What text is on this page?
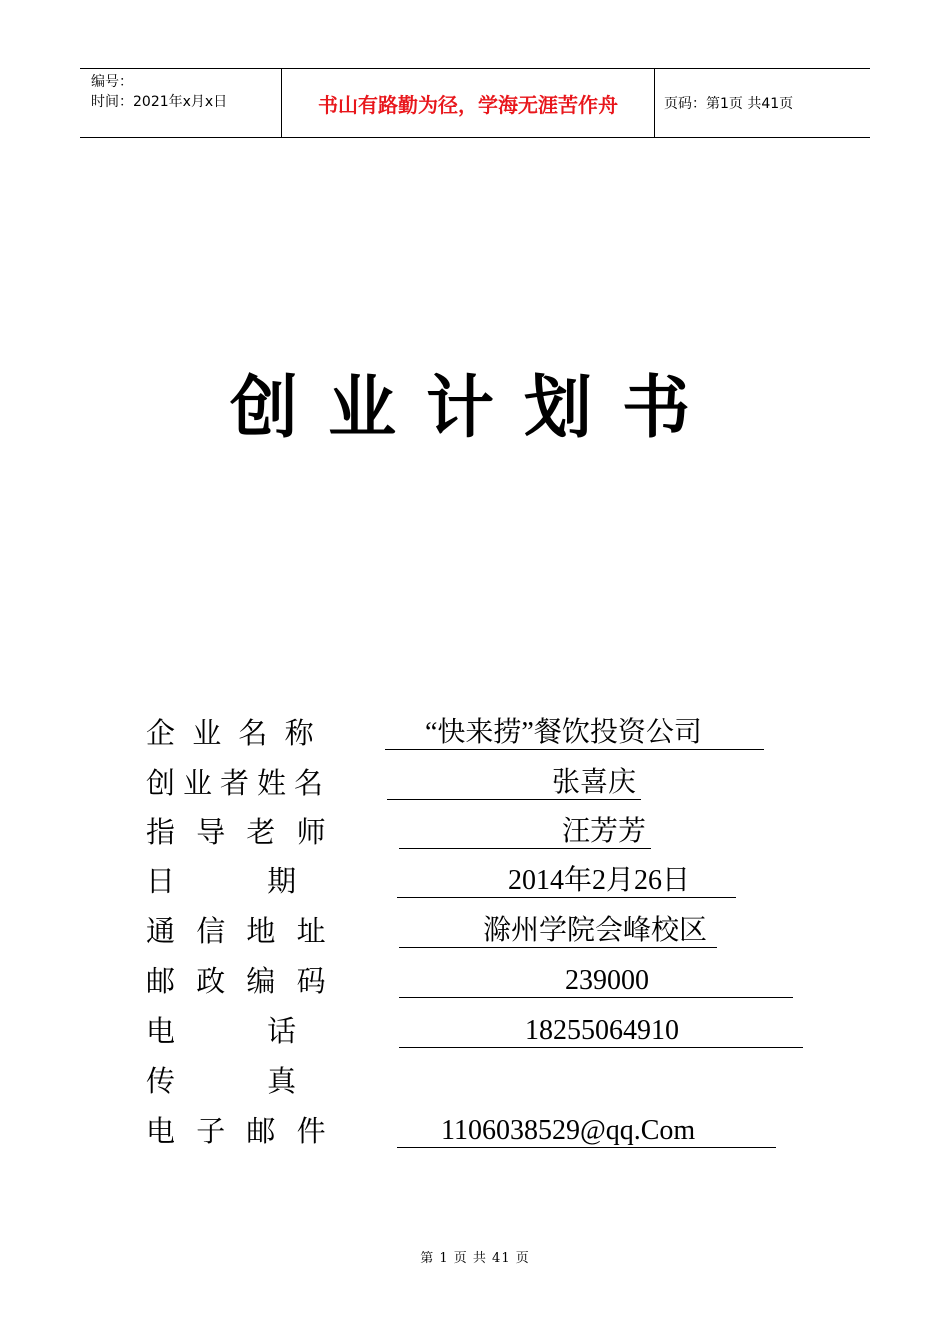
编号：
时间：2021年x月x日	书山有路勤为径，学海无涯苦作舟	页码：第1页 共41页
创业计划书
企 业 名 称	“快来捞”餐饮投资公司
创业者姓名	张喜庆
指 导 老 师	汪芳芳
日          期	2014年2月26日
通 信 地 址	滁州学院会峰校区
邮 政 编 码	239000
电          话	18255064910
传          真
电 子 邮 件	1106038529@qq.Com
第 1 页 共 41 页
